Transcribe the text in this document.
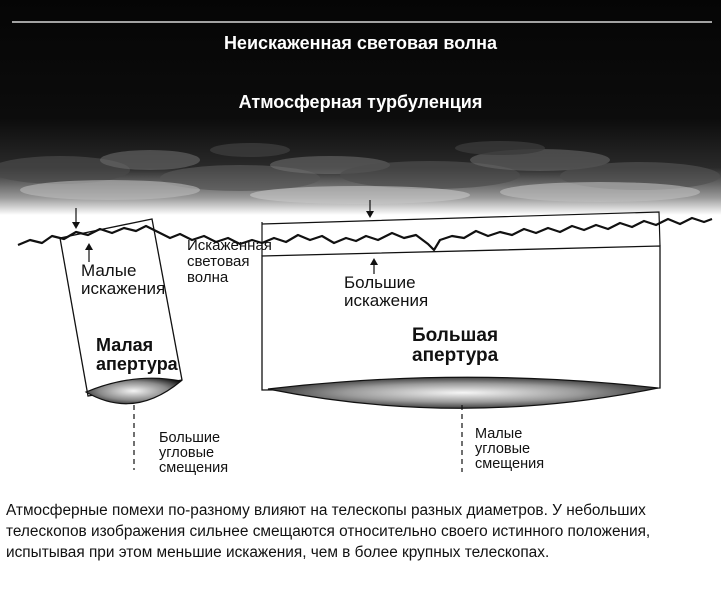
Неискаженная световая волна
Атмосферная турбуленция
Малые
искажения
Искаженная
световая
волна
Малая
апертура
Большие
угловые
смещения
Большие
искажения
Большая
апертура
Малые
угловые
смещения
Атмосферные помехи по-разному влияют на телескопы разных диаметров. У небольших телескопов изображения сильнее смещаются относительно своего истинного положения, испытывая при этом меньшие искажения, чем в более крупных телескопах.
